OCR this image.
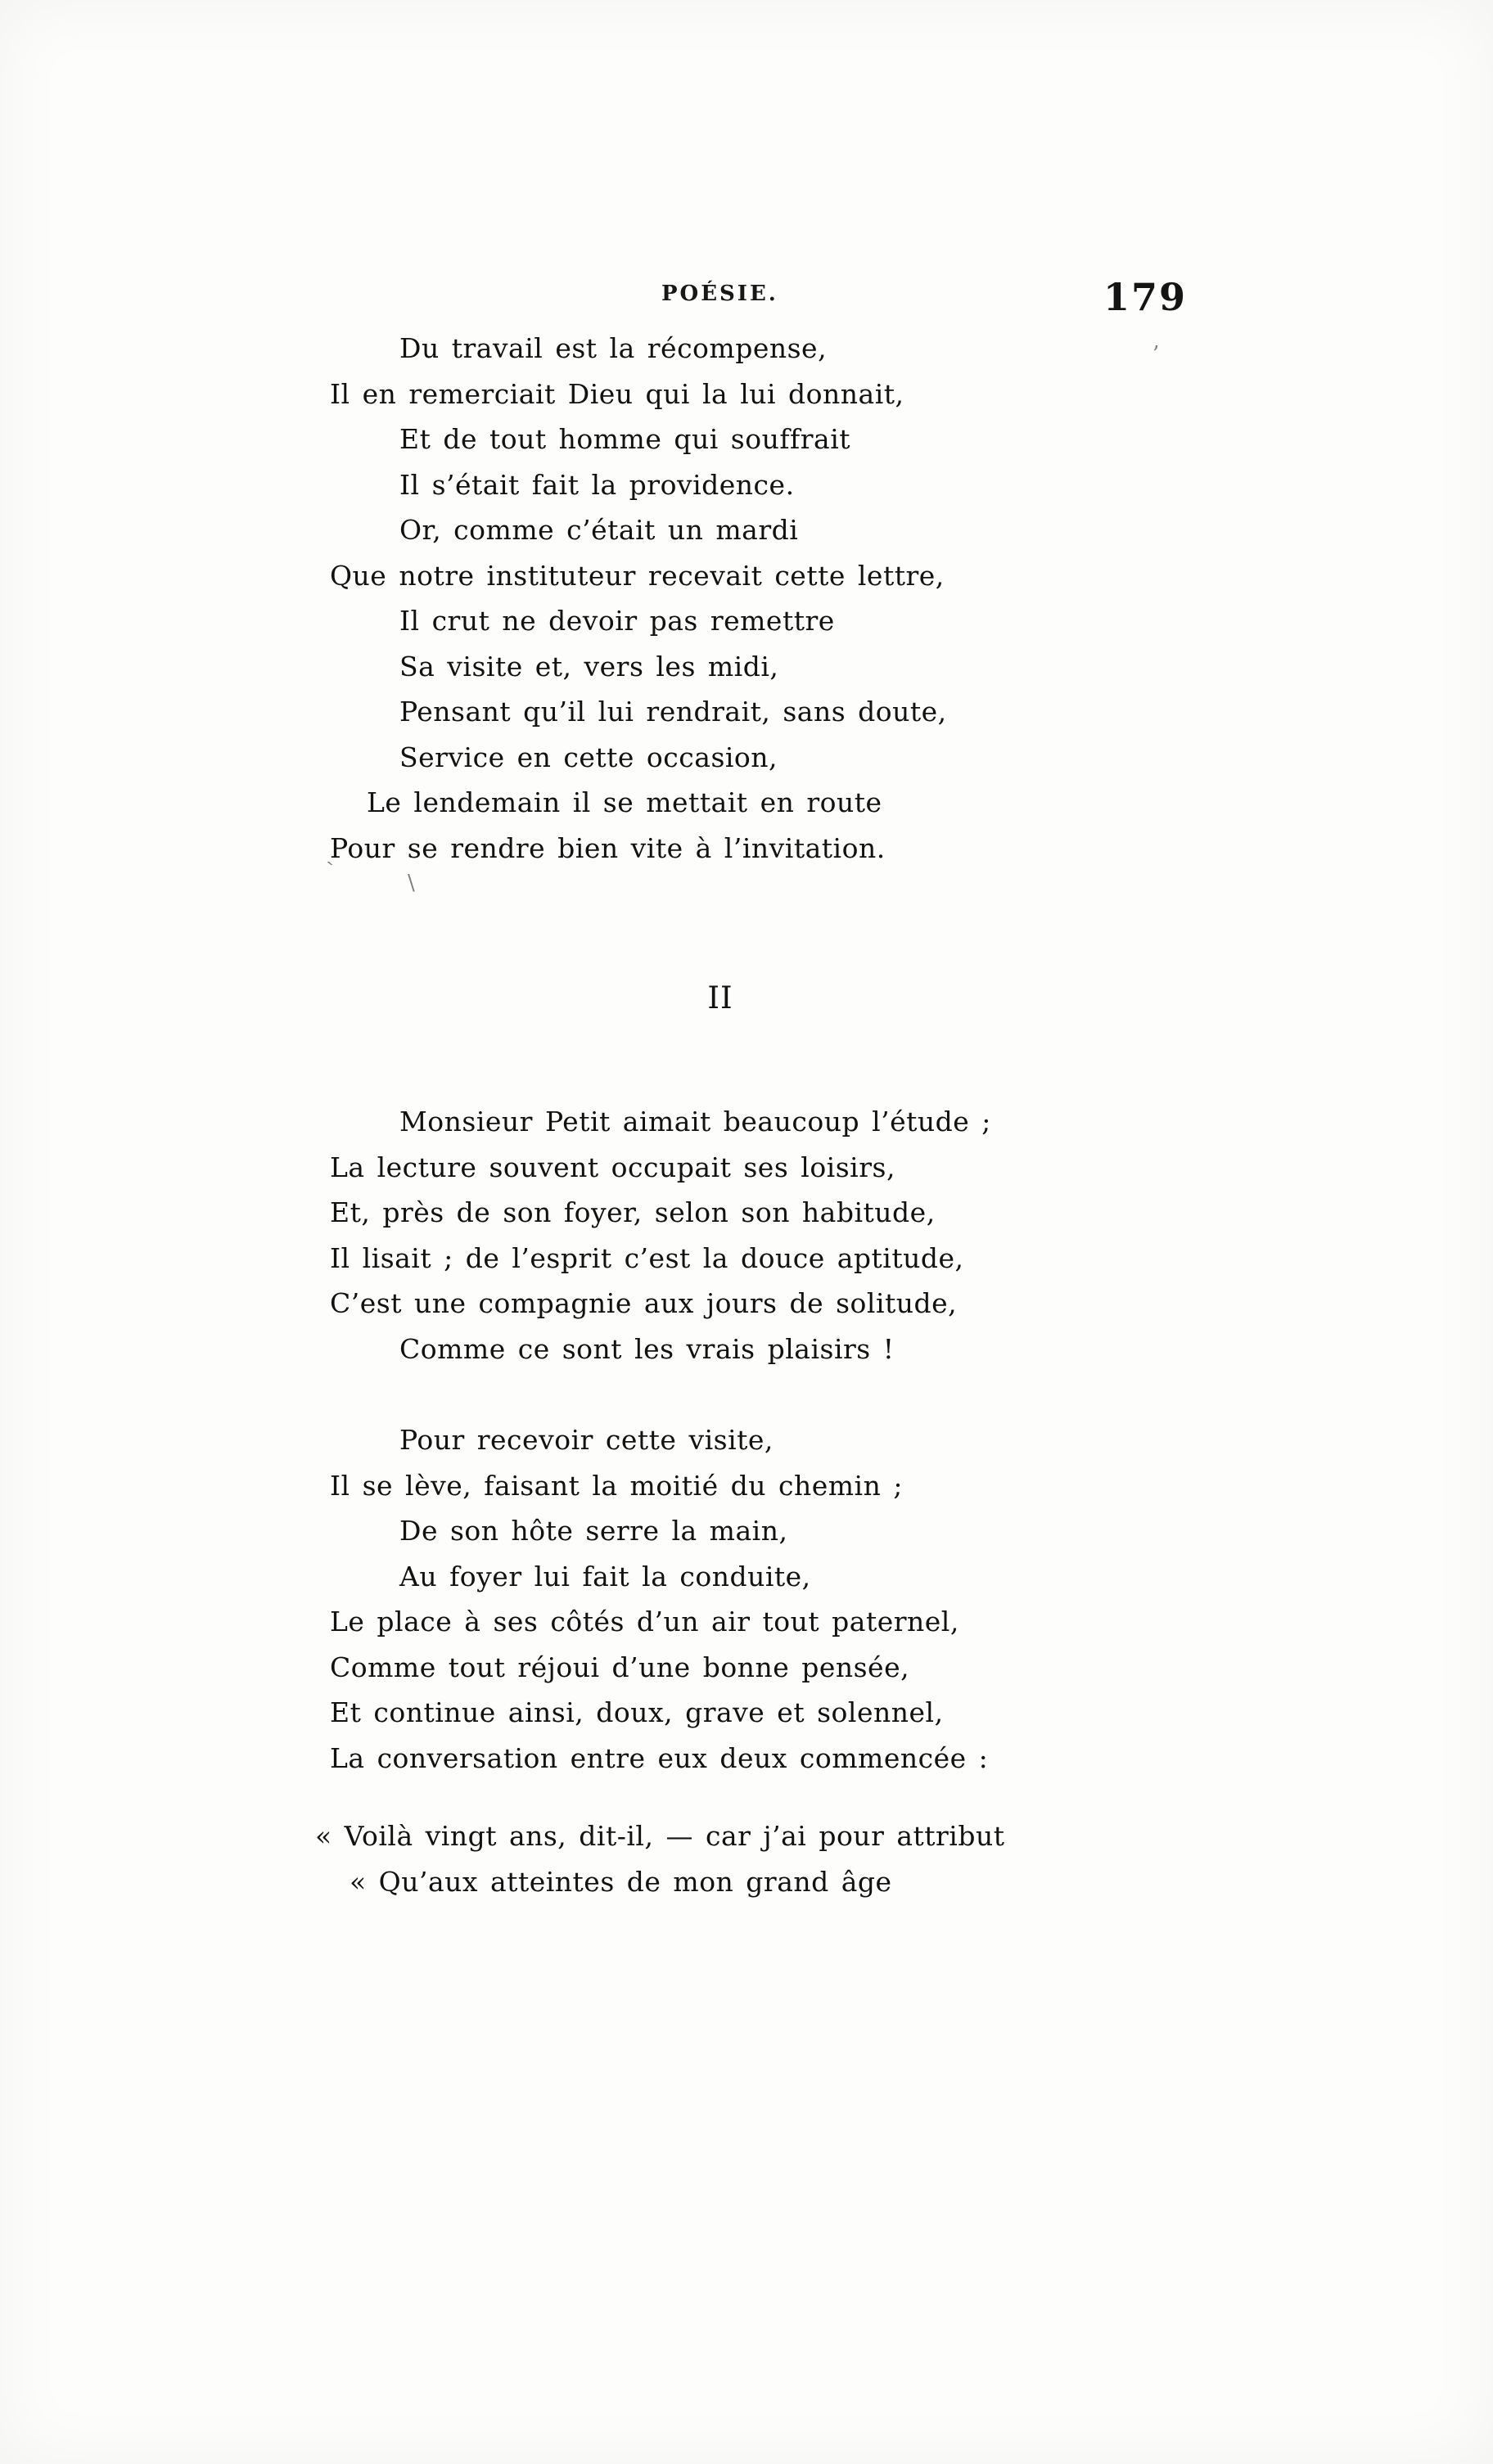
POÉSIE.	179
Du travail est la récompense,
Il en remerciait Dieu qui la lui donnait,
Et de tout homme qui souffrait
Il s’était fait la providence.
Or, comme c’était un mardi
Que notre instituteur recevait cette lettre,
Il crut ne devoir pas remettre
Sa visite et, vers les midi,
Pensant qu’il lui rendrait, sans doute,
Service en cette occasion,
Le lendemain il se mettait en route
Pour se rendre bien vite à l’invitation.
II
Monsieur Petit aimait beaucoup l’étude ;
La lecture souvent occupait ses loisirs,
Et, près de son foyer, selon son habitude,
Il lisait ; de l’esprit c’est la douce aptitude,
C’est une compagnie aux jours de solitude,
Comme ce sont les vrais plaisirs !
Pour recevoir cette visite,
Il se lève, faisant la moitié du chemin ;
De son hôte serre la main,
Au foyer lui fait la conduite,
Le place à ses côtés d’un air tout paternel,
Comme tout réjoui d’une bonne pensée,
Et continue ainsi, doux, grave et solennel,
La conversation entre eux deux commencée :
« Voilà vingt ans, dit-il, — car j’ai pour attribut
« Qu’aux atteintes de mon grand âge
’
`	\
